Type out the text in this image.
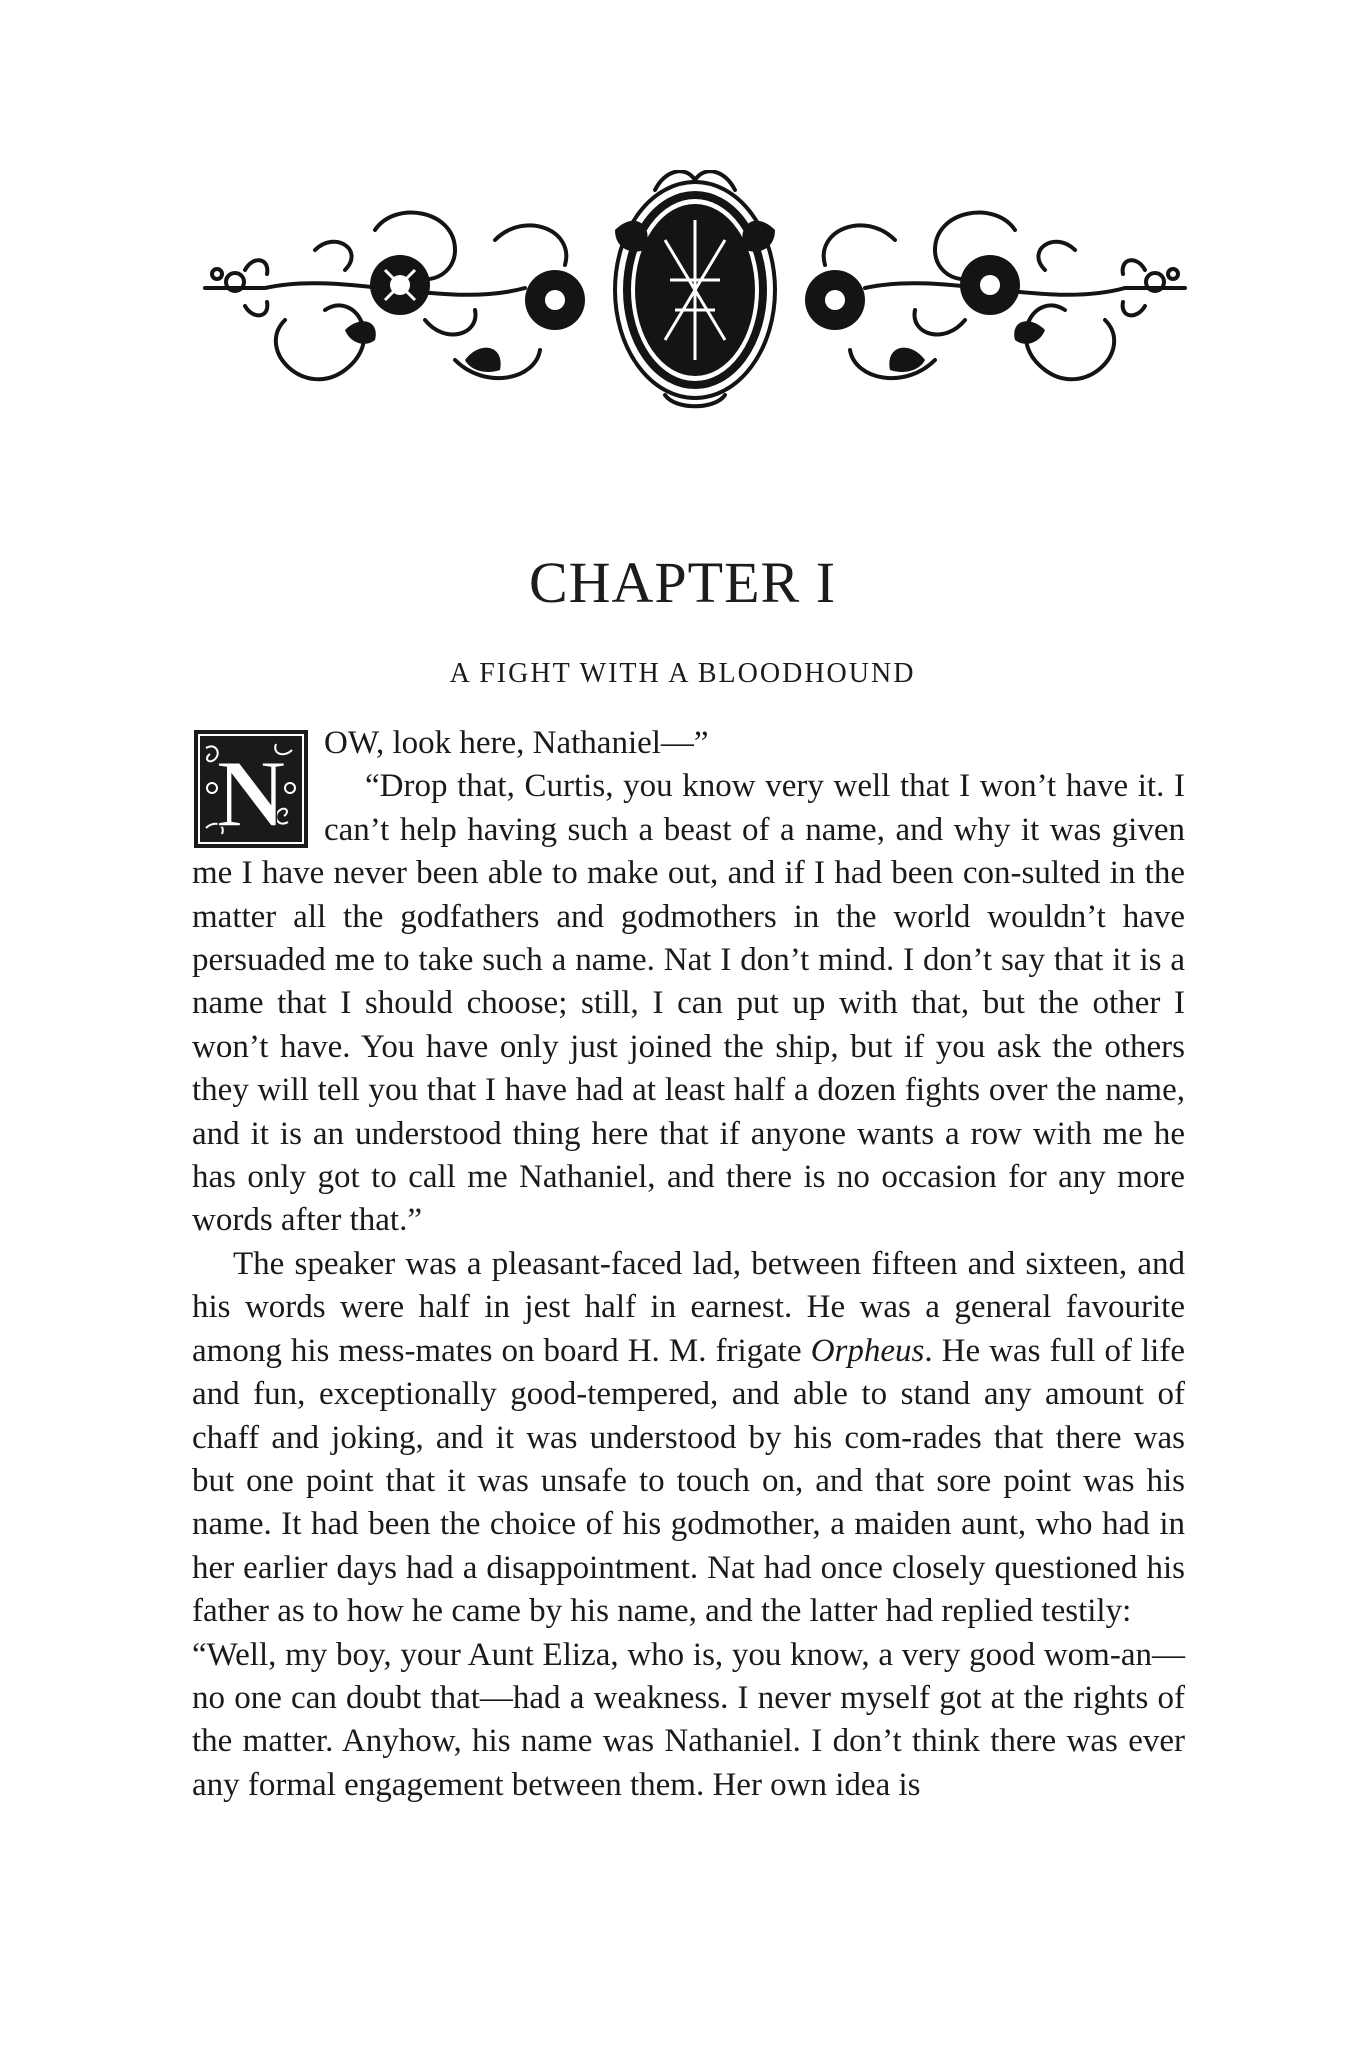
CHAPTER I
A FIGHT WITH A BLOODHOUND

N OW, look here, Nathaniel—”

“Drop that, Curtis, you know very well that I won’t have it. I can’t help having such a beast of a name, and why it was given me I have never been able to make out, and if I had been con-sulted in the matter all the godfathers and godmothers in the world wouldn’t have persuaded me to take such a name. Nat I don’t mind. I don’t say that it is a name that I should choose; still, I can put up with that, but the other I won’t have. You have only just joined the ship, but if you ask the others they will tell you that I have had at least half a dozen fights over the name, and it is an understood thing here that if anyone wants a row with me he has only got to call me Nathaniel, and there is no occasion for any more words after that.”

The speaker was a pleasant-faced lad, between fifteen and sixteen, and his words were half in jest half in earnest. He was a general favourite among his mess-mates on board H. M. frigate Orpheus. He was full of life and fun, exceptionally good-tempered, and able to stand any amount of chaff and joking, and it was understood by his com-rades that there was but one point that it was unsafe to touch on, and that sore point was his name. It had been the choice of his godmother, a maiden aunt, who had in her earlier days had a disappointment. Nat had once closely questioned his father as to how he came by his name, and the latter had replied testily:

“Well, my boy, your Aunt Eliza, who is, you know, a very good wom-an—no one can doubt that—had a weakness. I never myself got at the rights of the matter. Anyhow, his name was Nathaniel. I don’t think there was ever any formal engagement between them. Her own idea is
